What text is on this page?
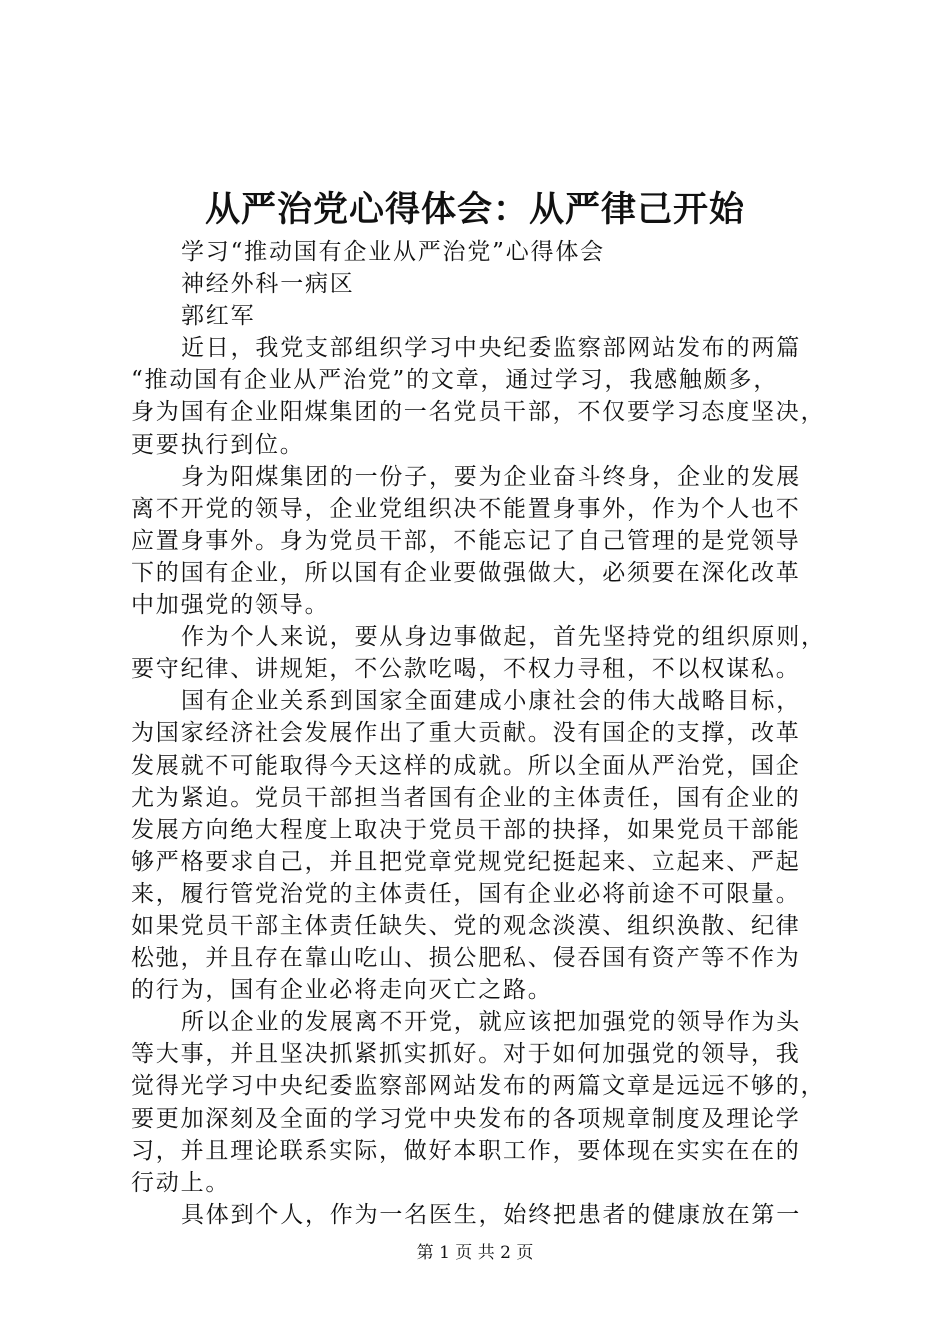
从严治党心得体会：从严律己开始

学习“推动国有企业从严治党”心得体会

神经外科一病区

郭红军

近日，我党支部组织学习中央纪委监察部网站发布的两篇

“推动国有企业从严治党”的文章，通过学习，我感触颇多，

身为国有企业阳煤集团的一名党员干部，不仅要学习态度坚决，

更要执行到位。

身为阳煤集团的一份子，要为企业奋斗终身，企业的发展

离不开党的领导，企业党组织决不能置身事外，作为个人也不

应置身事外。身为党员干部，不能忘记了自己管理的是党领导

下的国有企业，所以国有企业要做强做大，必须要在深化改革

中加强党的领导。

作为个人来说，要从身边事做起，首先坚持党的组织原则，

要守纪律、讲规矩，不公款吃喝，不权力寻租，不以权谋私。

国有企业关系到国家全面建成小康社会的伟大战略目标，

为国家经济社会发展作出了重大贡献。没有国企的支撑，改革

发展就不可能取得今天这样的成就。所以全面从严治党，国企

尤为紧迫。党员干部担当者国有企业的主体责任，国有企业的

发展方向绝大程度上取决于党员干部的抉择，如果党员干部能

够严格要求自己，并且把党章党规党纪挺起来、立起来、严起

来，履行管党治党的主体责任，国有企业必将前途不可限量。

如果党员干部主体责任缺失、党的观念淡漠、组织涣散、纪律

松弛，并且存在靠山吃山、损公肥私、侵吞国有资产等不作为

的行为，国有企业必将走向灭亡之路。

所以企业的发展离不开党，就应该把加强党的领导作为头

等大事，并且坚决抓紧抓实抓好。对于如何加强党的领导，我

觉得光学习中央纪委监察部网站发布的两篇文章是远远不够的，

要更加深刻及全面的学习党中央发布的各项规章制度及理论学

习，并且理论联系实际，做好本职工作，要体现在实实在在的

行动上。

具体到个人，作为一名医生，始终把患者的健康放在第一

第 1 页 共 2 页
